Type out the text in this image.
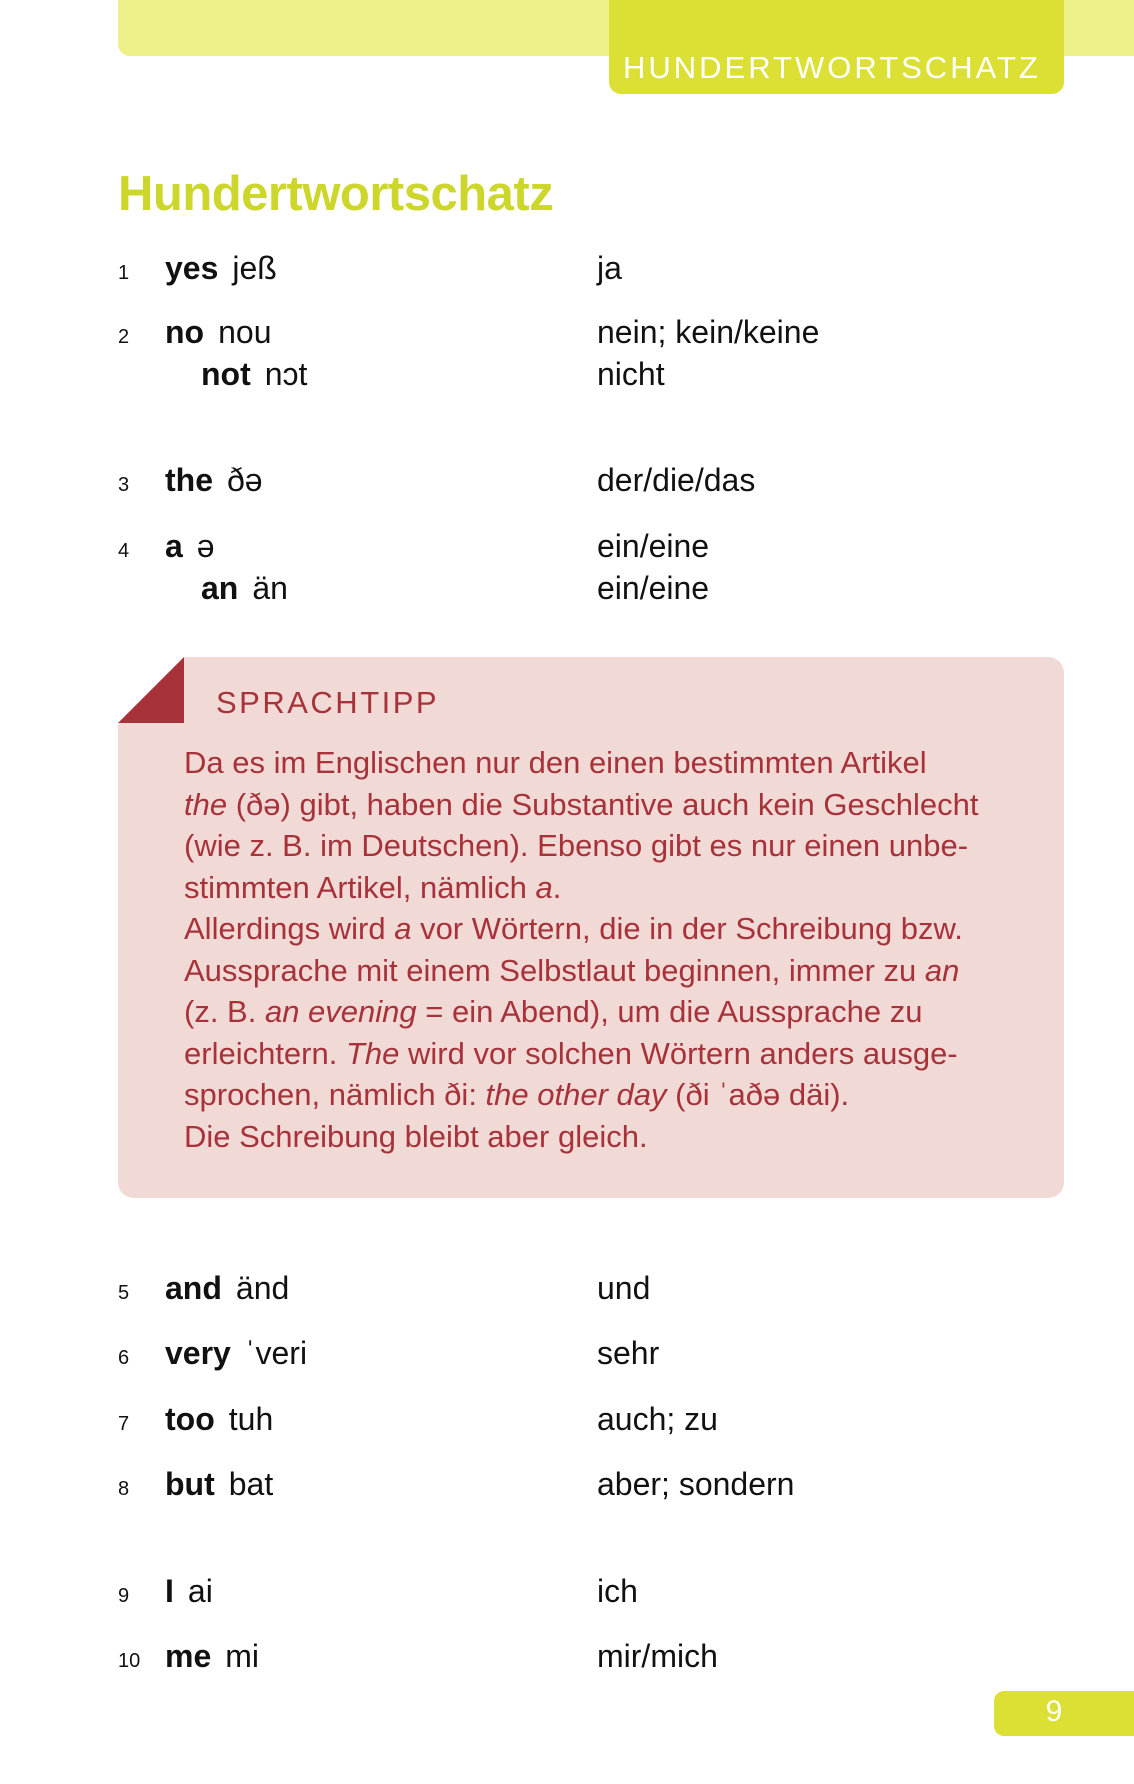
HUNDERTWORTSCHATZ
Hundertwortschatz
1 yes jeß	ja
2 no nou	nein; kein/keine
not nɔt	nicht
3 the ðə	der/die/das
4 a ə	ein/eine
an än	ein/eine
SPRACHTIPP
Da es im Englischen nur den einen bestimmten Artikel
the (ðə) gibt, haben die Substantive auch kein Geschlecht
(wie z. B. im Deutschen). Ebenso gibt es nur einen unbe-
stimmten Artikel, nämlich a.
Allerdings wird a vor Wörtern, die in der Schreibung bzw.
Aussprache mit einem Selbstlaut beginnen, immer zu an
(z. B. an evening = ein Abend), um die Aussprache zu
erleichtern. The wird vor solchen Wörtern anders ausge-
sprochen, nämlich ði: the other day (ði ˈaðə däi).
Die Schreibung bleibt aber gleich.
5 and änd	und
6 very ˈveri	sehr
7 too tuh	auch; zu
8 but bat	aber; sondern
9 I ai	ich
10 me mi	mir/mich
9
